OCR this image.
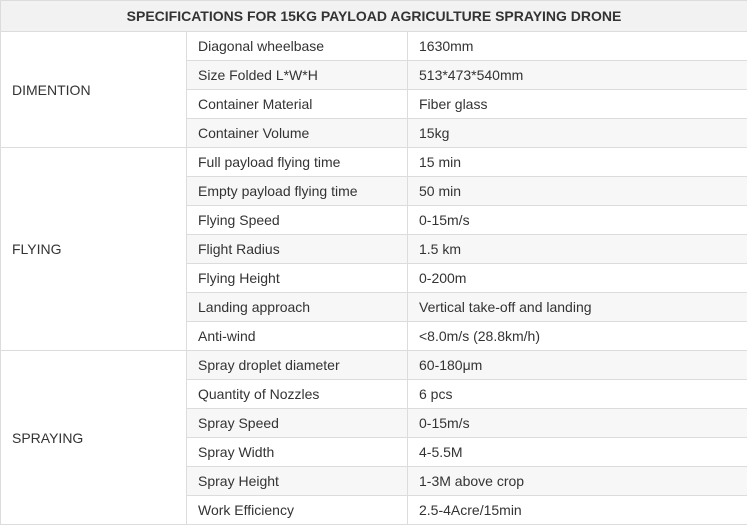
SPECIFICATIONS FOR 15KG PAYLOAD AGRICULTURE SPRAYING DRONE		
DIMENTION	Diagonal wheelbase	1630mm
	Size Folded L*W*H	513*473*540mm
	Container Material	Fiber glass
	Container Volume	15kg
FLYING	Full payload flying time	15 min
	Empty payload flying time	50 min
	Flying Speed	0-15m/s
	Flight Radius	1.5 km
	Flying Height	0-200m
	Landing approach	Vertical take-off and landing
	Anti-wind	<8.0m/s (28.8km/h)
SPRAYING	Spray droplet diameter	60-180μm
	Quantity of Nozzles	6 pcs
	Spray Speed	0-15m/s
	Spray Width	4-5.5M
	Spray Height	1-3M above crop
	Work Efficiency	2.5-4Acre/15min
